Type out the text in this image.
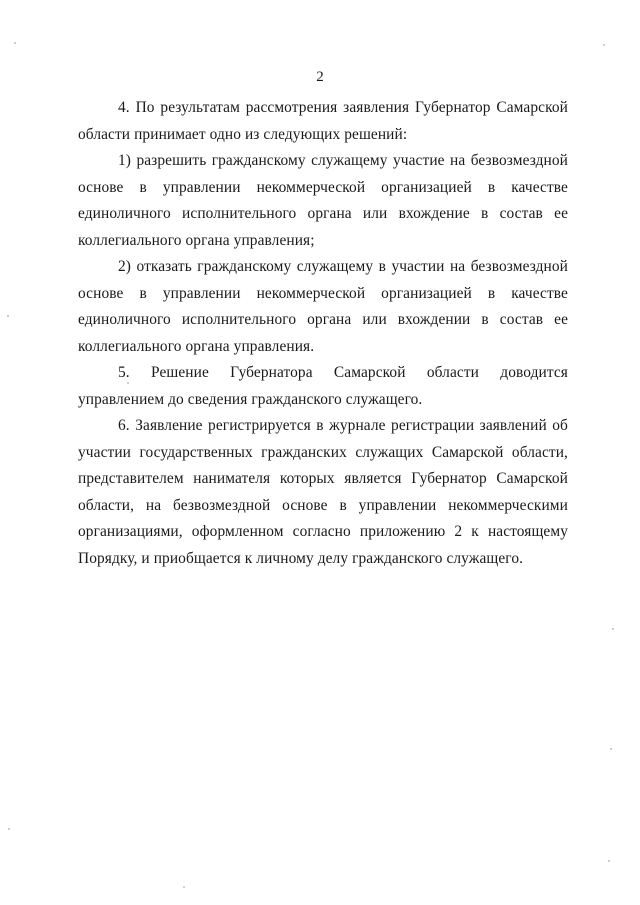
2

4. По результатам рассмотрения заявления Губернатор Самарской области принимает одно из следующих решений:

1) разрешить гражданскому служащему участие на безвозмездной основе в управлении некоммерческой организацией в качестве единоличного исполнительного органа или вхождение в состав ее коллегиального органа управления;

2) отказать гражданскому служащему в участии на безвозмездной основе в управлении некоммерческой организацией в качестве единоличного исполнительного органа или вхождении в состав ее коллегиального органа управления.

5. Решение Губернатора Самарской области доводится управлением до сведения гражданского служащего.

6. Заявление регистрируется в журнале регистрации заявлений об участии государственных гражданских служащих Самарской области, представителем нанимателя которых является Губернатор Самарской области, на безвозмездной основе в управлении некоммерческими организациями, оформленном согласно приложению 2 к настоящему Порядку, и приобщается к личному делу гражданского служащего.
